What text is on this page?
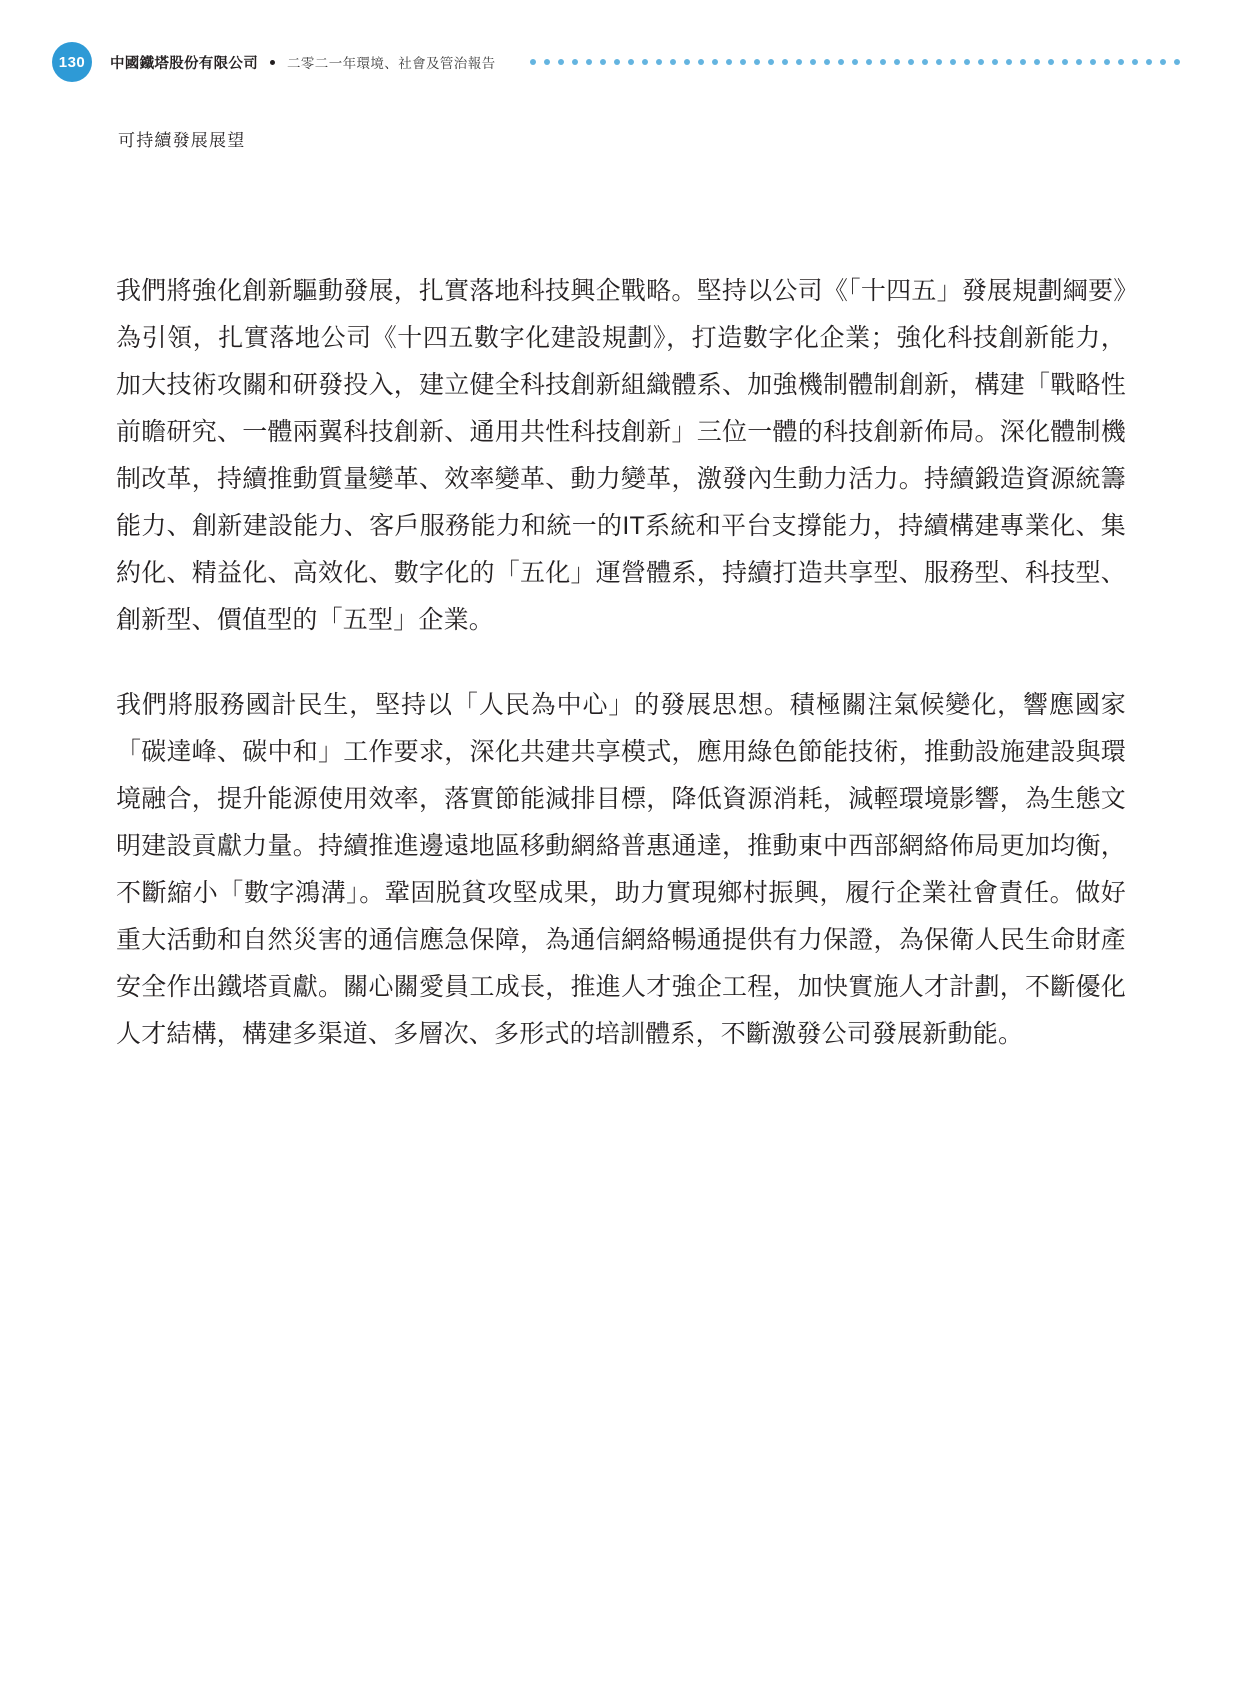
130	中國鐵塔股份有限公司 二零二一年環境、社會及管治報告
可持續發展展望

我們將強化創新驅動發展，扎實落地科技興企戰略。堅持以公司《「十四五」發展規劃綱要》為引領，扎實落地公司《十四五數字化建設規劃》，打造數字化企業；強化科技創新能力，加大技術攻關和研發投入，建立健全科技創新組織體系、加強機制體制創新，構建「戰略性前瞻研究、一體兩翼科技創新、通用共性科技創新」三位一體的科技創新佈局。深化體制機制改革，持續推動質量變革、效率變革、動力變革，激發內生動力活力。持續鍛造資源統籌能力、創新建設能力、客戶服務能力和統一的IT系統和平台支撐能力，持續構建專業化、集約化、精益化、高效化、數字化的「五化」運營體系，持續打造共享型、服務型、科技型、創新型、價值型的「五型」企業。

我們將服務國計民生，堅持以「人民為中心」的發展思想。積極關注氣候變化，響應國家「碳達峰、碳中和」工作要求，深化共建共享模式，應用綠色節能技術，推動設施建設與環境融合，提升能源使用效率，落實節能減排目標，降低資源消耗，減輕環境影響，為生態文明建設貢獻力量。持續推進邊遠地區移動網絡普惠通達，推動東中西部網絡佈局更加均衡，不斷縮小「數字鴻溝」。鞏固脱貧攻堅成果，助力實現鄉村振興，履行企業社會責任。做好重大活動和自然災害的通信應急保障，為通信網絡暢通提供有力保證，為保衛人民生命財產安全作出鐵塔貢獻。關心關愛員工成長，推進人才強企工程，加快實施人才計劃，不斷優化人才結構，構建多渠道、多層次、多形式的培訓體系，不斷激發公司發展新動能。
